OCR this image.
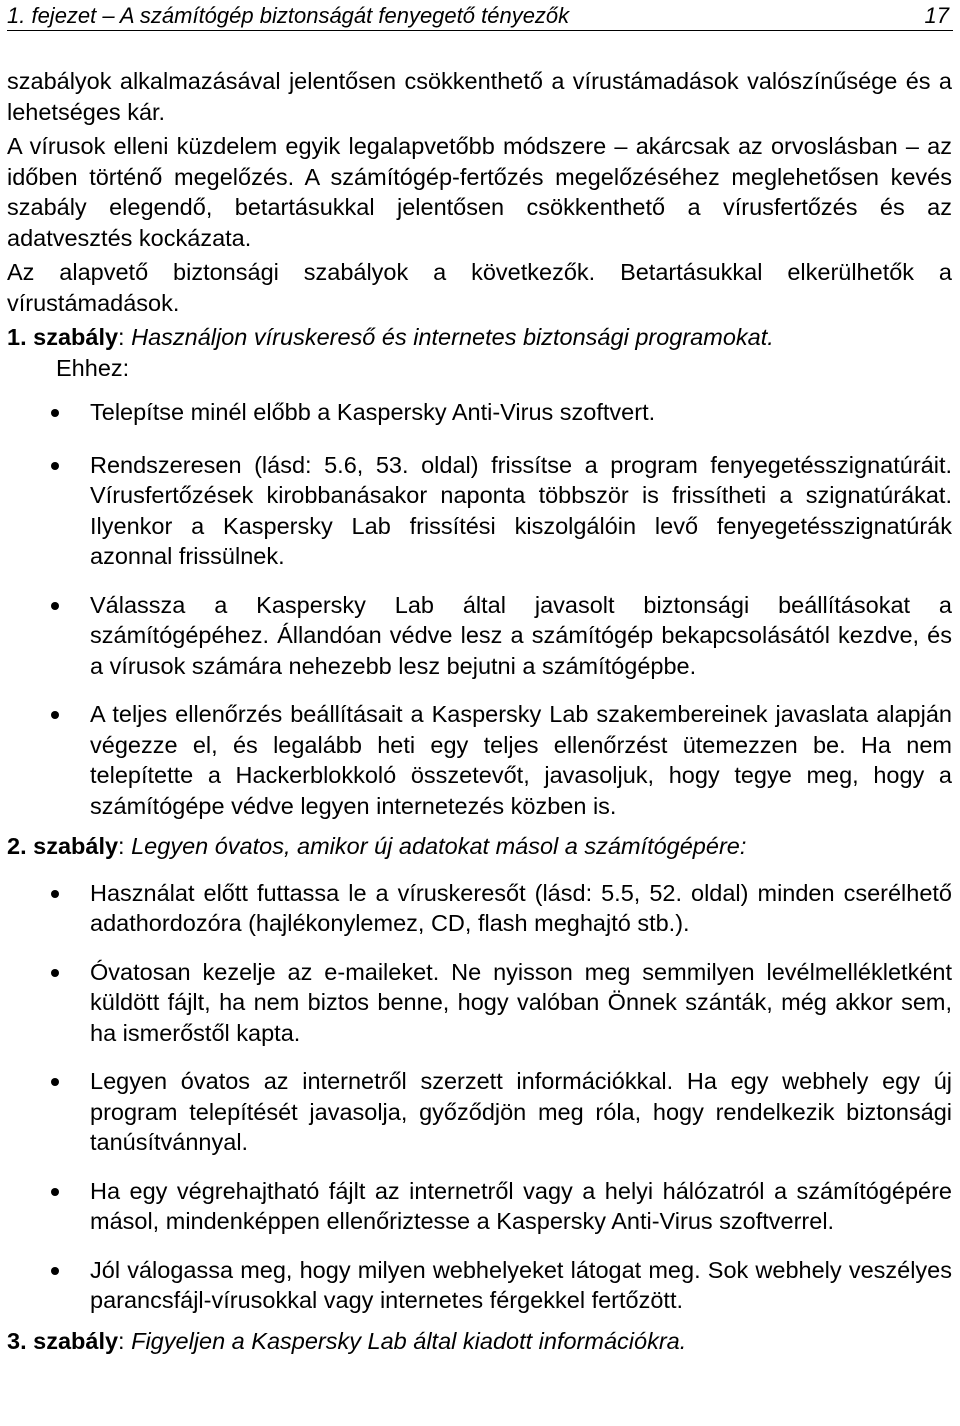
1. fejezet – A számítógép biztonságát fenyegető tényezők	17

szabályok alkalmazásával jelentősen csökkenthető a vírustámadások valószínűsége és a lehetséges kár.

A vírusok elleni küzdelem egyik legalapvetőbb módszere – akárcsak az orvoslásban – az időben történő megelőzés. A számítógép-fertőzés megelőzéséhez meglehetősen kevés szabály elegendő, betartásukkal jelentősen csökkenthető a vírusfertőzés és az adatvesztés kockázata.

Az alapvető biztonsági szabályok a következők. Betartásukkal elkerülhetők a vírustámadások.

1. szabály: Használjon víruskereső és internetes biztonsági programokat.
Ehhez:
Telepítse minél előbb a Kaspersky Anti-Virus szoftvert.
Rendszeresen (lásd: 5.6, 53. oldal) frissítse a program fenyegetésszignatúráit. Vírusfertőzések kirobbanásakor naponta többször is frissítheti a szignatúrákat. Ilyenkor a Kaspersky Lab frissítési kiszolgálóin levő fenyegetésszignatúrák azonnal frissülnek.
Válassza a Kaspersky Lab által javasolt biztonsági beállításokat a számítógépéhez. Állandóan védve lesz a számítógép bekapcsolásától kezdve, és a vírusok számára nehezebb lesz bejutni a számítógépbe.
A teljes ellenőrzés beállításait a Kaspersky Lab szakembereinek javaslata alapján végezze el, és legalább heti egy teljes ellenőrzést ütemezzen be. Ha nem telepítette a Hackerblokkoló összetevőt, javasoljuk, hogy tegye meg, hogy a számítógépe védve legyen internetezés közben is.
2. szabály: Legyen óvatos, amikor új adatokat másol a számítógépére:
Használat előtt futtassa le a víruskeresőt (lásd: 5.5, 52. oldal) minden cserélhető adathordozóra (hajlékonylemez, CD, flash meghajtó stb.).
Óvatosan kezelje az e-maileket. Ne nyisson meg semmilyen levélmellékletként küldött fájlt, ha nem biztos benne, hogy valóban Önnek szánták, még akkor sem, ha ismerőstől kapta.
Legyen óvatos az internetről szerzett információkkal. Ha egy webhely egy új program telepítését javasolja, győződjön meg róla, hogy rendelkezik biztonsági tanúsítvánnyal.
Ha egy végrehajtható fájlt az internetről vagy a helyi hálózatról a számítógépére másol, mindenképpen ellenőriztesse a Kaspersky Anti-Virus szoftverrel.
Jól válogassa meg, hogy milyen webhelyeket látogat meg. Sok webhely veszélyes parancsfájl-vírusokkal vagy internetes férgekkel fertőzött.
3. szabály: Figyeljen a Kaspersky Lab által kiadott információkra.
